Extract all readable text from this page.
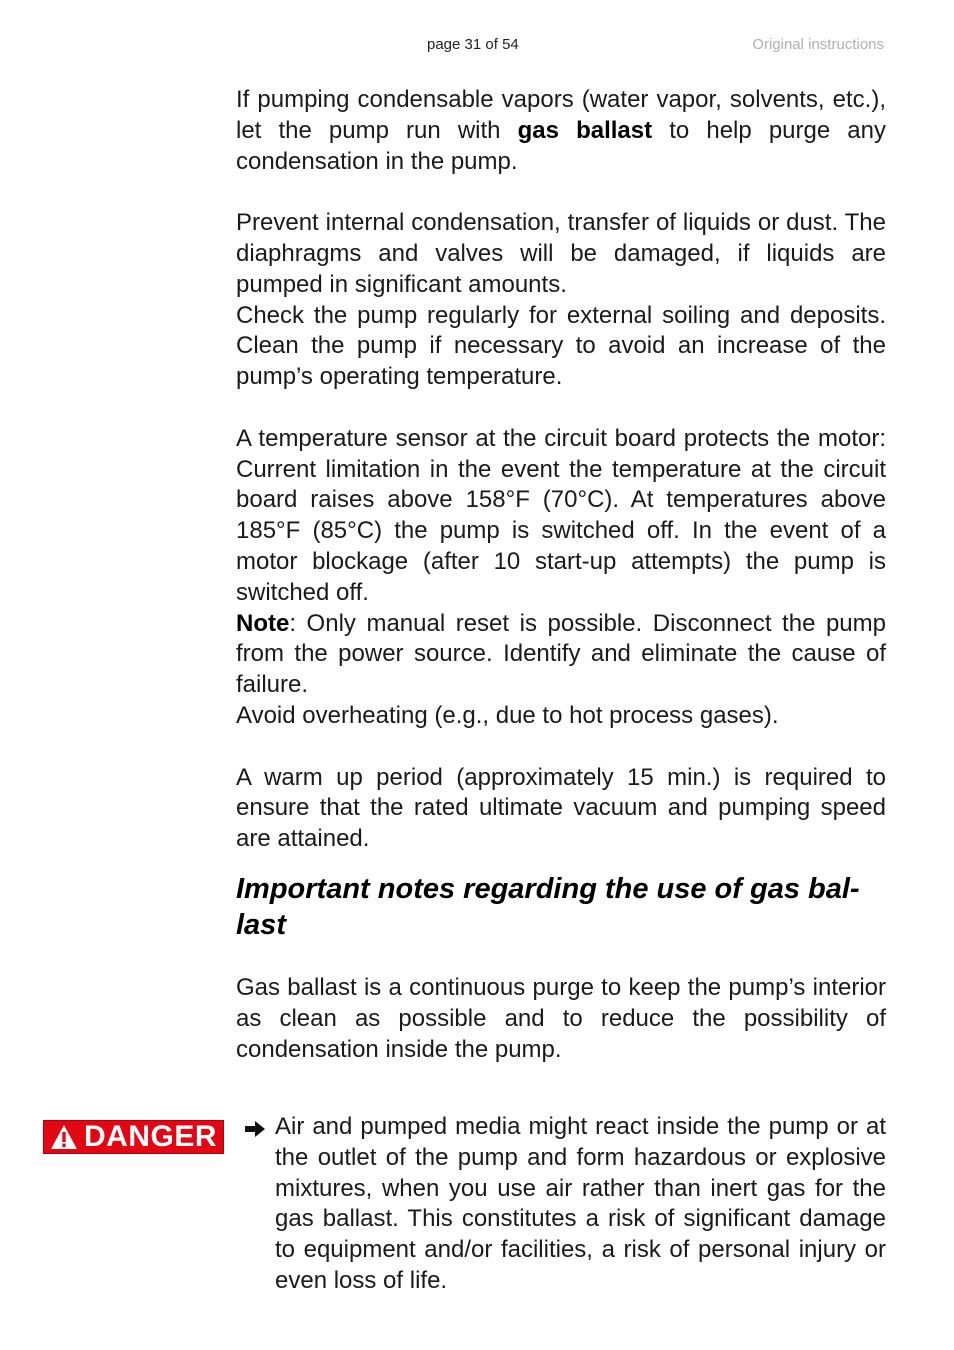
page 31 of 54	Original instructions

If pumping condensable vapors (water vapor, solvents, etc.), let the pump run with gas ballast to help purge any condensation in the pump.

Prevent internal condensation, transfer of liquids or dust. The diaphragms and valves will be damaged, if liquids are pumped in significant amounts.

Check the pump regularly for external soiling and deposits. Clean the pump if necessary to avoid an increase of the pump’s operating temperature.

A temperature sensor at the circuit board protects the motor: Current limitation in the event the temperature at the circuit board raises above 158°F (70°C). At temperatures above 185°F (85°C) the pump is switched off. In the event of a motor blockage (after 10 start-up attempts) the pump is switched off.

Note: Only manual reset is possible. Disconnect the pump from the power source. Identify and eliminate the cause of failure.

Avoid overheating (e.g., due to hot process gases).

A warm up period (approximately 15 min.) is required to ensure that the rated ultimate vacuum and pumping speed are attained.

Important notes regarding the use of gas ballast

Gas ballast is a continuous purge to keep the pump’s interior as clean as possible and to reduce the possibility of condensation inside the pump.

DANGER Air and pumped media might react inside the pump or at the outlet of the pump and form hazardous or explosive mixtures, when you use air rather than inert gas for the gas ballast. This constitutes a risk of significant damage to equipment and/or facilities, a risk of personal injury or even loss of life.
